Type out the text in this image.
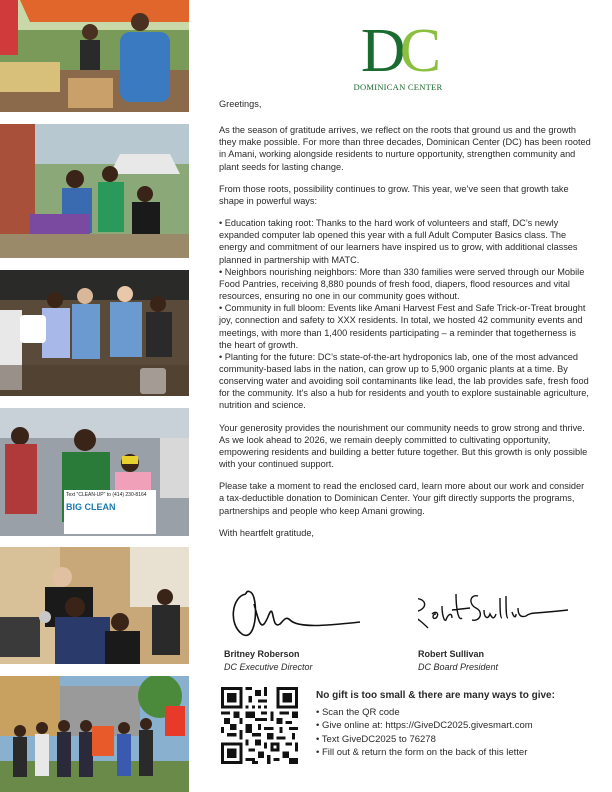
Text "CLEAN-UP" to (414) 230-8164
BIG CLEAN
DC
DOMINICAN CENTER

Greetings,

As the season of gratitude arrives, we reflect on the roots that ground us and the growth they make possible. For more than three decades, Dominican Center (DC) has been rooted in Amani, working alongside residents to nurture opportunity, strengthen community and plant seeds for lasting change.

From those roots, possibility continues to grow. This year, we’ve seen that growth take shape in powerful ways:

• Education taking root: Thanks to the hard work of volunteers and staff, DC’s newly expanded computer lab opened this year with a full Adult Computer Basics class. The energy and commitment of our learners have inspired us to grow, with additional classes planned in partnership with MATC.

• Neighbors nourishing neighbors: More than 330 families were served through our Mobile Food Pantries, receiving 8,880 pounds of fresh food, diapers, flood resources and vital resources, ensuring no one in our community goes without.

• Community in full bloom: Events like Amani Harvest Fest and Safe Trick-or-Treat brought joy, connection and safety to XXX residents. In total, we hosted 42 community events and meetings, with more than 1,400 residents participating – a reminder that togetherness is the heart of growth.

• Planting for the future: DC’s state-of-the-art hydroponics lab, one of the most advanced community-based labs in the nation, can grow up to 5,900 organic plants at a time. By conserving water and avoiding soil contaminants like lead, the lab provides safe, fresh food for the community. It’s also a hub for residents and youth to explore sustainable agriculture, nutrition and science.

Your generosity provides the nourishment our community needs to grow strong and thrive. As we look ahead to 2026, we remain deeply committed to cultivating opportunity, empowering residents and building a better future together. But this growth is only possible with your continued support.

Please take a moment to read the enclosed card, learn more about our work and consider a tax-deductible donation to Dominican Center. Your gift directly supports the programs, partnerships and people who keep Amani growing.

With heartfelt gratitude,

Britney Roberson
DC Executive Director
Robert Sullivan
DC Board President
No gift is too small & there are many ways to give:
• Scan the QR code
• Give online at: https://GiveDC2025.givesmart.com
• Text GiveDC2025 to 76278
• Fill out & return the form on the back of this letter
